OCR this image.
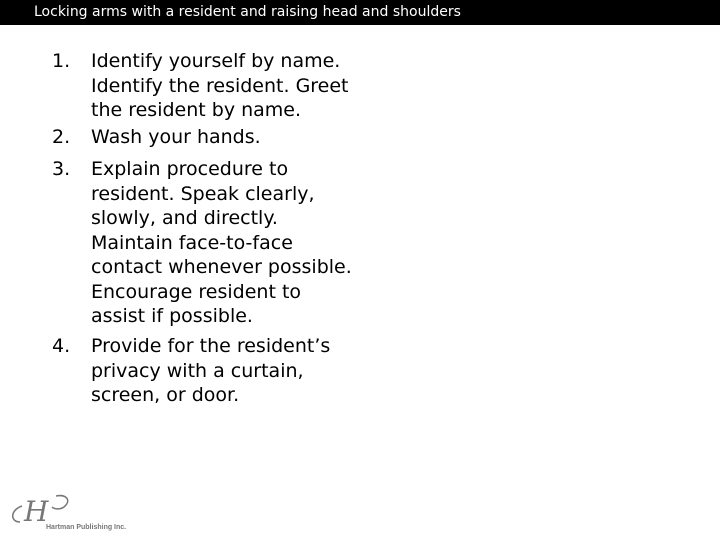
Locking arms with a resident and raising head and shoulders
1. Identify yourself by name.
Identify the resident. Greet
the resident by name.
2. Wash your hands.
3. Explain procedure to
resident. Speak clearly,
slowly, and directly.
Maintain face-to-face
contact whenever possible.
Encourage resident to
assist if possible.
4. Provide for the resident’s
privacy with a curtain,
screen, or door.
H
Hartman Publishing Inc.
